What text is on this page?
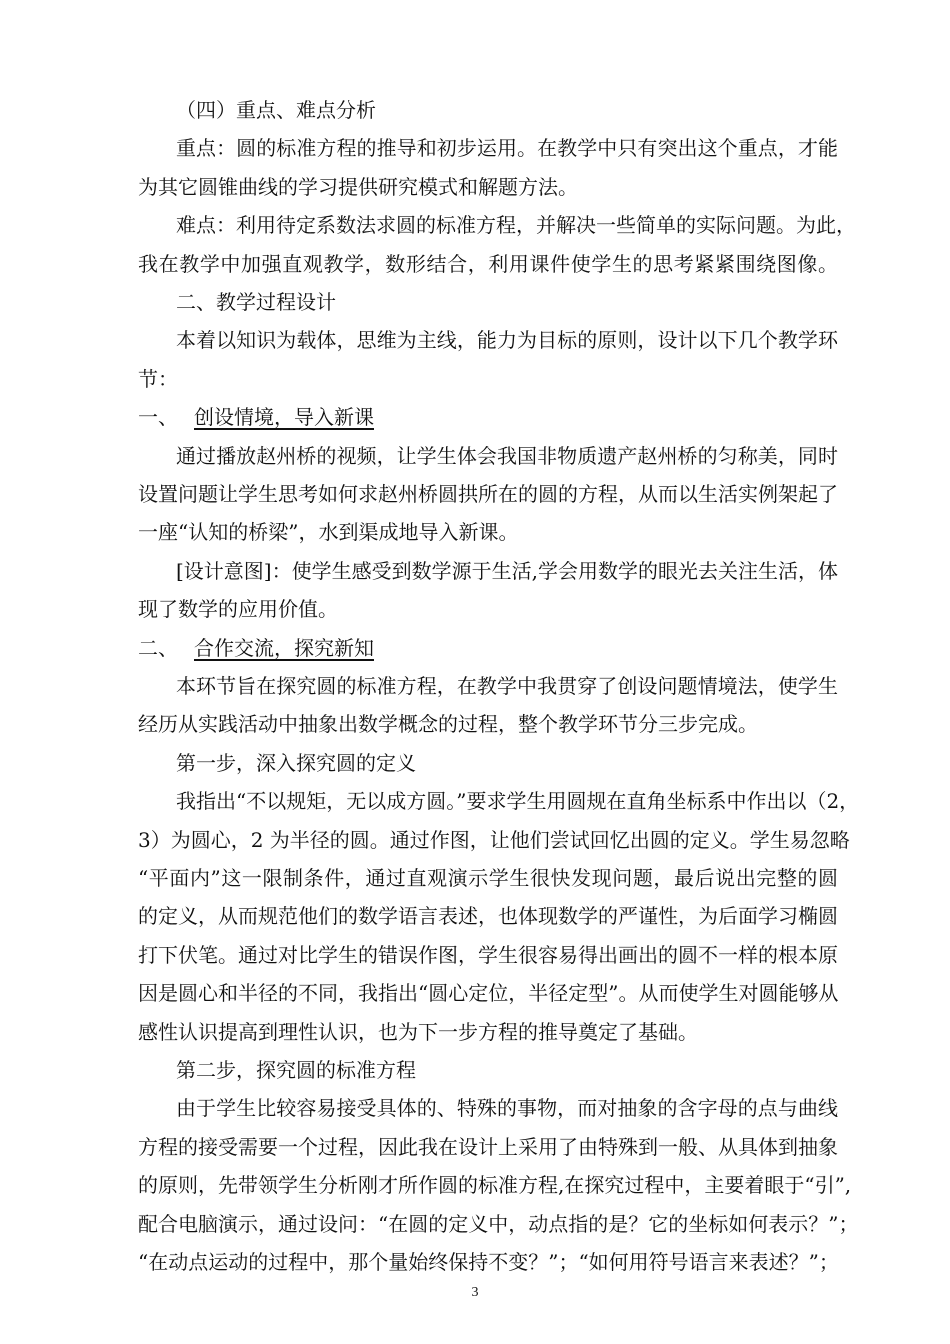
（四）重点、难点分析
重点：圆的标准方程的推导和初步运用。在教学中只有突出这个重点，才能
为其它圆锥曲线的学习提供研究模式和解题方法。
难点：利用待定系数法求圆的标准方程，并解决一些简单的实际问题。为此，
我在教学中加强直观教学，数形结合，利用课件使学生的思考紧紧围绕图像。
二、教学过程设计
本着以知识为载体，思维为主线，能力为目标的原则，设计以下几个教学环
节：
一、 创设情境，导入新课
通过播放赵州桥的视频，让学生体会我国非物质遗产赵州桥的匀称美，同时
设置问题让学生思考如何求赵州桥圆拱所在的圆的方程，从而以生活实例架起了
一座“认知的桥梁”，水到渠成地导入新课。
[设计意图]：使学生感受到数学源于生活,学会用数学的眼光去关注生活，体
现了数学的应用价值。
二、 合作交流，探究新知
本环节旨在探究圆的标准方程，在教学中我贯穿了创设问题情境法，使学生
经历从实践活动中抽象出数学概念的过程，整个教学环节分三步完成。
第一步，深入探究圆的定义
我指出“不以规矩，无以成方圆。”要求学生用圆规在直角坐标系中作出以（2，
3）为圆心，2 为半径的圆。通过作图，让他们尝试回忆出圆的定义。学生易忽略
“平面内”这一限制条件，通过直观演示学生很快发现问题，最后说出完整的圆
的定义，从而规范他们的数学语言表述，也体现数学的严谨性，为后面学习椭圆
打下伏笔。通过对比学生的错误作图，学生很容易得出画出的圆不一样的根本原
因是圆心和半径的不同，我指出“圆心定位，半径定型”。从而使学生对圆能够从
感性认识提高到理性认识，也为下一步方程的推导奠定了基础。
第二步，探究圆的标准方程
由于学生比较容易接受具体的、特殊的事物，而对抽象的含字母的点与曲线
方程的接受需要一个过程，因此我在设计上采用了由特殊到一般、从具体到抽象
的原则，先带领学生分析刚才所作圆的标准方程,在探究过程中，主要着眼于“引”,
配合电脑演示，通过设问：“在圆的定义中，动点指的是？它的坐标如何表示？”；
“在动点运动的过程中，那个量始终保持不变？”；“如何用符号语言来表述？”；
3
